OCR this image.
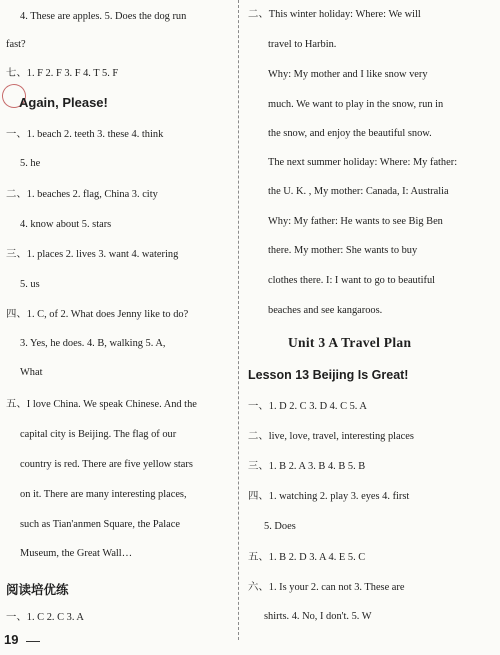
4. These are apples. 5. Does the dog run
fast?
七、1. F 2. F 3. F 4. T 5. F
Again, Please!
一、1. beach 2. teeth 3. these 4. think
5. he
二、1. beaches 2. flag, China 3. city
4. know about 5. stars
三、1. places 2. lives 3. want 4. watering
5. us
四、1. C, of 2. What does Jenny like to do?
3. Yes, he does. 4. B, walking 5. A,
What
五、I love China. We speak Chinese. And the
capital city is Beijing. The flag of our
country is red. There are five yellow stars
on it. There are many interesting places,
such as Tian'anmen Square, the Palace
Museum, the Great Wall…
阅读培优练
一、1. C 2. C 3. A
19
二、This winter holiday: Where: We will
travel to Harbin.
Why: My mother and I like snow very
much. We want to play in the snow, run in
the snow, and enjoy the beautiful snow.
The next summer holiday: Where: My father:
the U. K. , My mother: Canada, I: Australia
Why: My father: He wants to see Big Ben
there. My mother: She wants to buy
clothes there. I: I want to go to beautiful
beaches and see kangaroos.
Unit 3 A Travel Plan
Lesson 13 Beijing Is Great!
一、1. D 2. C 3. D 4. C 5. A
二、live, love, travel, interesting places
三、1. B 2. A 3. B 4. B 5. B
四、1. watching 2. play 3. eyes 4. first
5. Does
五、1. B 2. D 3. A 4. E 5. C
六、1. Is your 2. can not 3. These are
shirts. 4. No, I don't. 5. W
